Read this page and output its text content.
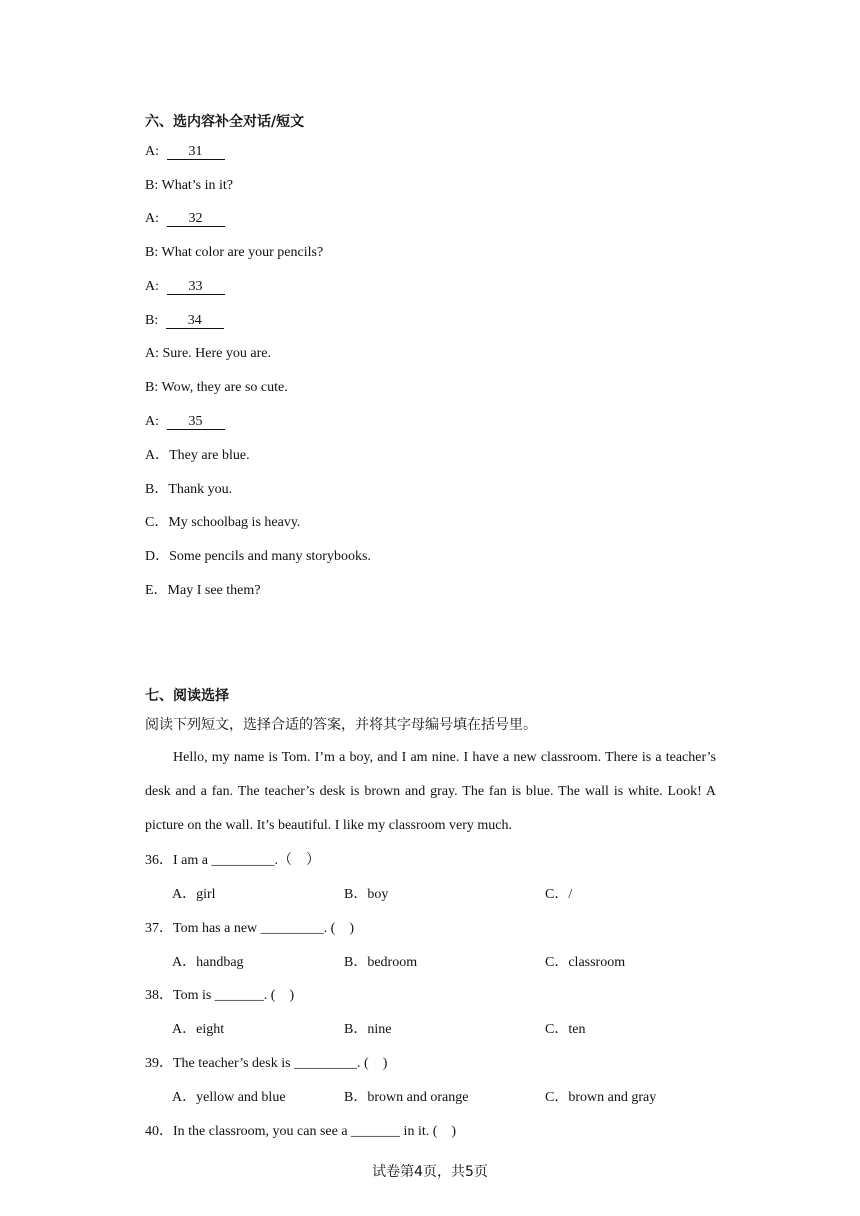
六、选内容补全对话/短文
A: 31
B: What’s in it?
A: 32
B: What color are your pencils?
A: 33
B: 34
A: Sure. Here you are.
B: Wow, they are so cute.
A: 35
A．They are blue.
B．Thank you.
C．My schoolbag is heavy.
D．Some pencils and many storybooks.
E．May I see them?
七、阅读选择
阅读下列短文，选择合适的答案，并将其字母编号填在括号里。

Hello, my name is Tom. I’m a boy, and I am nine. I have a new classroom. There is a teacher’s desk and a fan. The teacher’s desk is brown and gray. The fan is blue. The wall is white. Look! A picture on the wall. It’s beautiful. I like my classroom very much.

36．I am a _________.（　）
A．girl	B．boy	C．/
37．Tom has a new _________. (　)
A．handbag	B．bedroom	C．classroom
38．Tom is _______. (　)
A．eight	B．nine	C．ten
39．The teacher’s desk is _________. (　)
A．yellow and blue	B．brown and orange	C．brown and gray
40．In the classroom, you can see a _______ in it. (　)
试卷第4页，共5页
